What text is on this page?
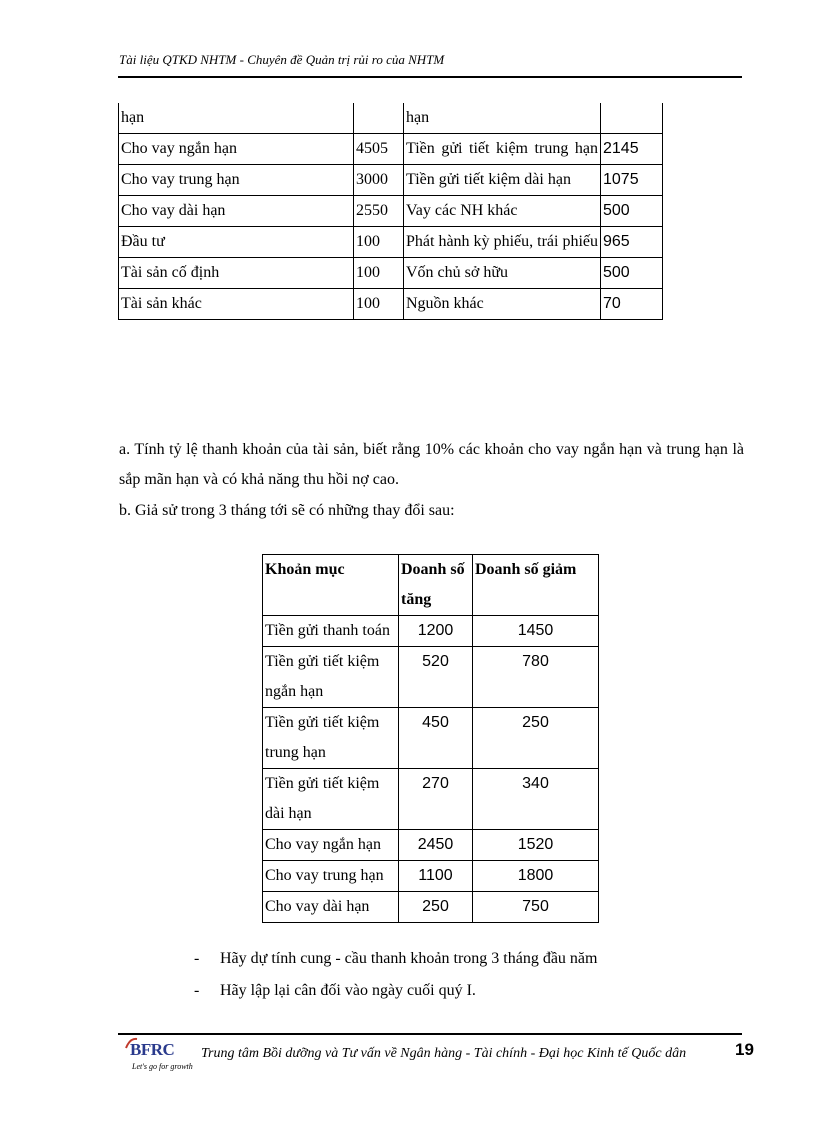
Tài liệu QTKD NHTM - Chuyên đề Quản trị rủi ro của NHTM
hạn		hạn	
Cho vay ngắn hạn	4505	Tiền gửi tiết kiệm trung hạn	2145
Cho vay trung hạn	3000	Tiền gửi tiết kiệm dài hạn	1075
Cho vay dài hạn	2550	Vay các NH khác	500
Đầu tư	100	Phát hành kỳ phiếu, trái phiếu	965
Tài sản cố định	100	Vốn chủ sở hữu	500
Tài sản khác	100	Nguồn khác	70
a. Tính tỷ lệ thanh khoản của tài sản, biết rằng 10% các khoản cho vay ngắn hạn và trung hạn là sắp mãn hạn và có khả năng thu hồi nợ cao.
b. Giả sử trong 3 tháng tới sẽ có những thay đổi sau:
Khoản mục	Doanh số tăng	Doanh số giảm
Tiền gửi thanh toán	1200	1450
Tiền gửi tiết kiệm ngắn hạn	520	780
Tiền gửi tiết kiệm trung hạn	450	250
Tiền gửi tiết kiệm dài hạn	270	340
Cho vay ngắn hạn	2450	1520
Cho vay trung hạn	1100	1800
Cho vay dài hạn	250	750
- Hãy dự tính cung - cầu thanh khoản trong 3 tháng đầu năm
- Hãy lập lại cân đối vào ngày cuối quý I.
BFRC
Let's go for growth
Trung tâm Bồi dưỡng và Tư vấn về Ngân hàng - Tài chính - Đại học Kinh tế Quốc dân	19
